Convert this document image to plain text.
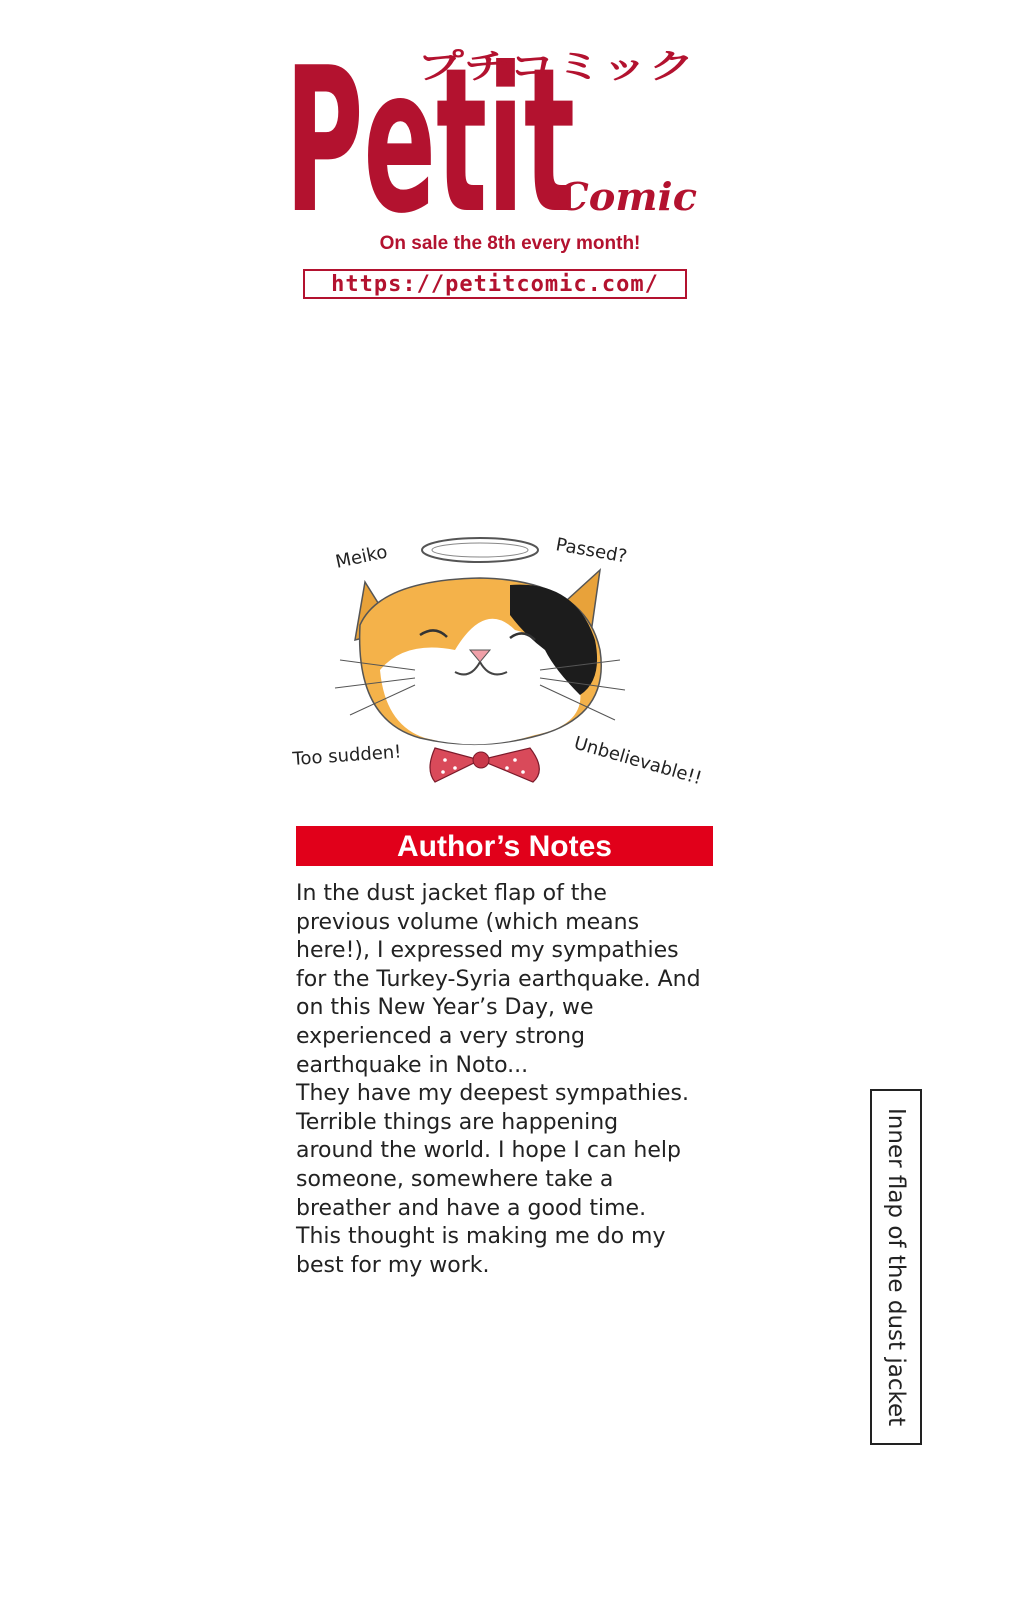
Petit
プチコミック
Comic
On sale the 8th every month!
https://petitcomic.com/
Meiko	Passed?
Too sudden!	Unbelievable!!
Author’s Notes

In the dust jacket flap of the
previous volume (which means
here!), I expressed my sympathies
for the Turkey-Syria earthquake. And
on this New Year’s Day, we
experienced a very strong
earthquake in Noto...
They have my deepest sympathies.
Terrible things are happening
around the world. I hope I can help
someone, somewhere take a
breather and have a good time.
This thought is making me do my
best for my work.	Inner flap of the dust jacket
